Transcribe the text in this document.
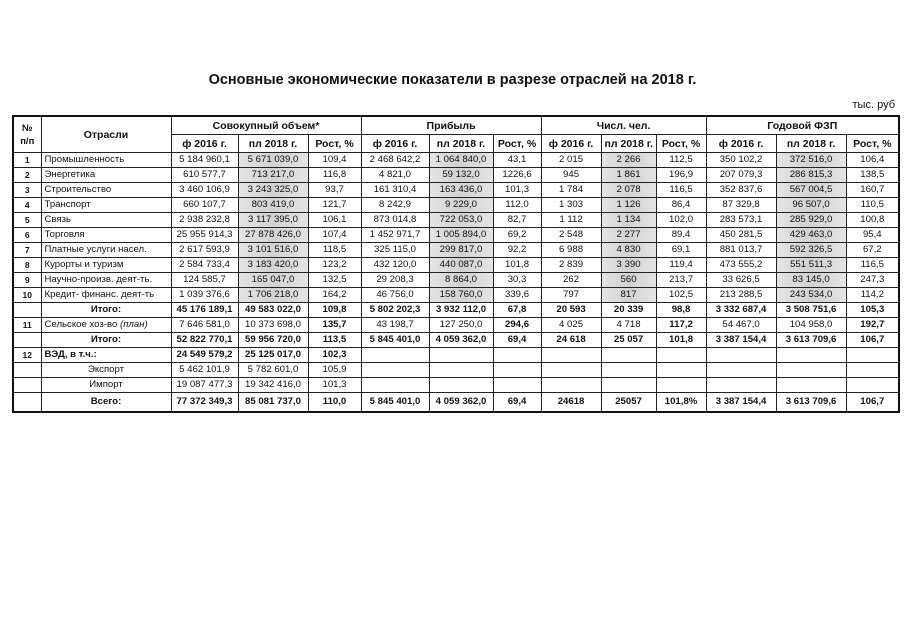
Основные экономические показатели в разрезе отраслей на 2018 г.
тыс. руб
№ п/п	Отрасли	Совокупный объем*			Прибыль			Числ. чел.			Годовой ФЗП		
		ф 2016 г.	пл 2018 г.	Рост, %	ф 2016 г.	пл 2018 г.	Рост, %	ф 2016 г.	пл 2018 г.	Рост, %	ф 2016 г.	пл 2018 г.	Рост, %
1	Промышленность	5 184 960,1	5 671 039,0	109,4	2 468 642,2	1 064 840,0	43,1	2 015	2 266	112,5	350 102,2	372 516,0	106,4
2	Энергетика	610 577,7	713 217,0	116,8	4 821,0	59 132,0	1226,6	945	1 861	196,9	207 079,3	286 815,3	138,5
3	Строительство	3 460 106,9	3 243 325,0	93,7	161 310,4	163 436,0	101,3	1 784	2 078	116,5	352 837,6	567 004,5	160,7
4	Транспорт	660 107,7	803 419,0	121,7	8 242,9	9 229,0	112,0	1 303	1 126	86,4	87 329,8	96 507,0	110,5
5	Связь	2 938 232,8	3 117 395,0	106,1	873 014,8	722 053,0	82,7	1 112	1 134	102,0	283 573,1	285 929,0	100,8
6	Торговля	25 955 914,3	27 878 426,0	107,4	1 452 971,7	1 005 894,0	69,2	2 548	2 277	89,4	450 281,5	429 463,0	95,4
7	Платные услуги насел.	2 617 593,9	3 101 516,0	118,5	325 115,0	299 817,0	92,2	6 988	4 830	69,1	881 013,7	592 326,5	67,2
8	Курорты и туризм	2 584 733,4	3 183 420,0	123,2	432 120,0	440 087,0	101,8	2 839	3 390	119,4	473 555,2	551 511,3	116,5
9	Научно-произв. деят-ть.	124 585,7	165 047,0	132,5	29 208,3	8 864,0	30,3	262	560	213,7	33 626,5	83 145,0	247,3
10	Кредит- финанс. деят-ть	1 039 376,6	1 706 218,0	164,2	46 756,0	158 760,0	339,6	797	817	102,5	213 288,5	243 534,0	114,2
	Итого:	45 176 189,1	49 583 022,0	109,8	5 802 202,3	3 932 112,0	67,8	20 593	20 339	98,8	3 332 687,4	3 508 751,6	105,3
11	Сельское хоз-во (план)	7 646 581,0	10 373 698,0	135,7	43 198,7	127 250,0	294,6	4 025	4 718	117,2	54 467,0	104 958,0	192,7
	Итого:	52 822 770,1	59 956 720,0	113,5	5 845 401,0	4 059 362,0	69,4	24 618	25 057	101,8	3 387 154,4	3 613 709,6	106,7
12	ВЭД, в т.ч.:	24 549 579,2	25 125 017,0	102,3									
	Экспорт	5 462 101,9	5 782 601,0	105,9									
	Импорт	19 087 477,3	19 342 416,0	101,3									
	Всего:	77 372 349,3	85 081 737,0	110,0	5 845 401,0	4 059 362,0	69,4	24618	25057	101,8%	3 387 154,4	3 613 709,6	106,7
